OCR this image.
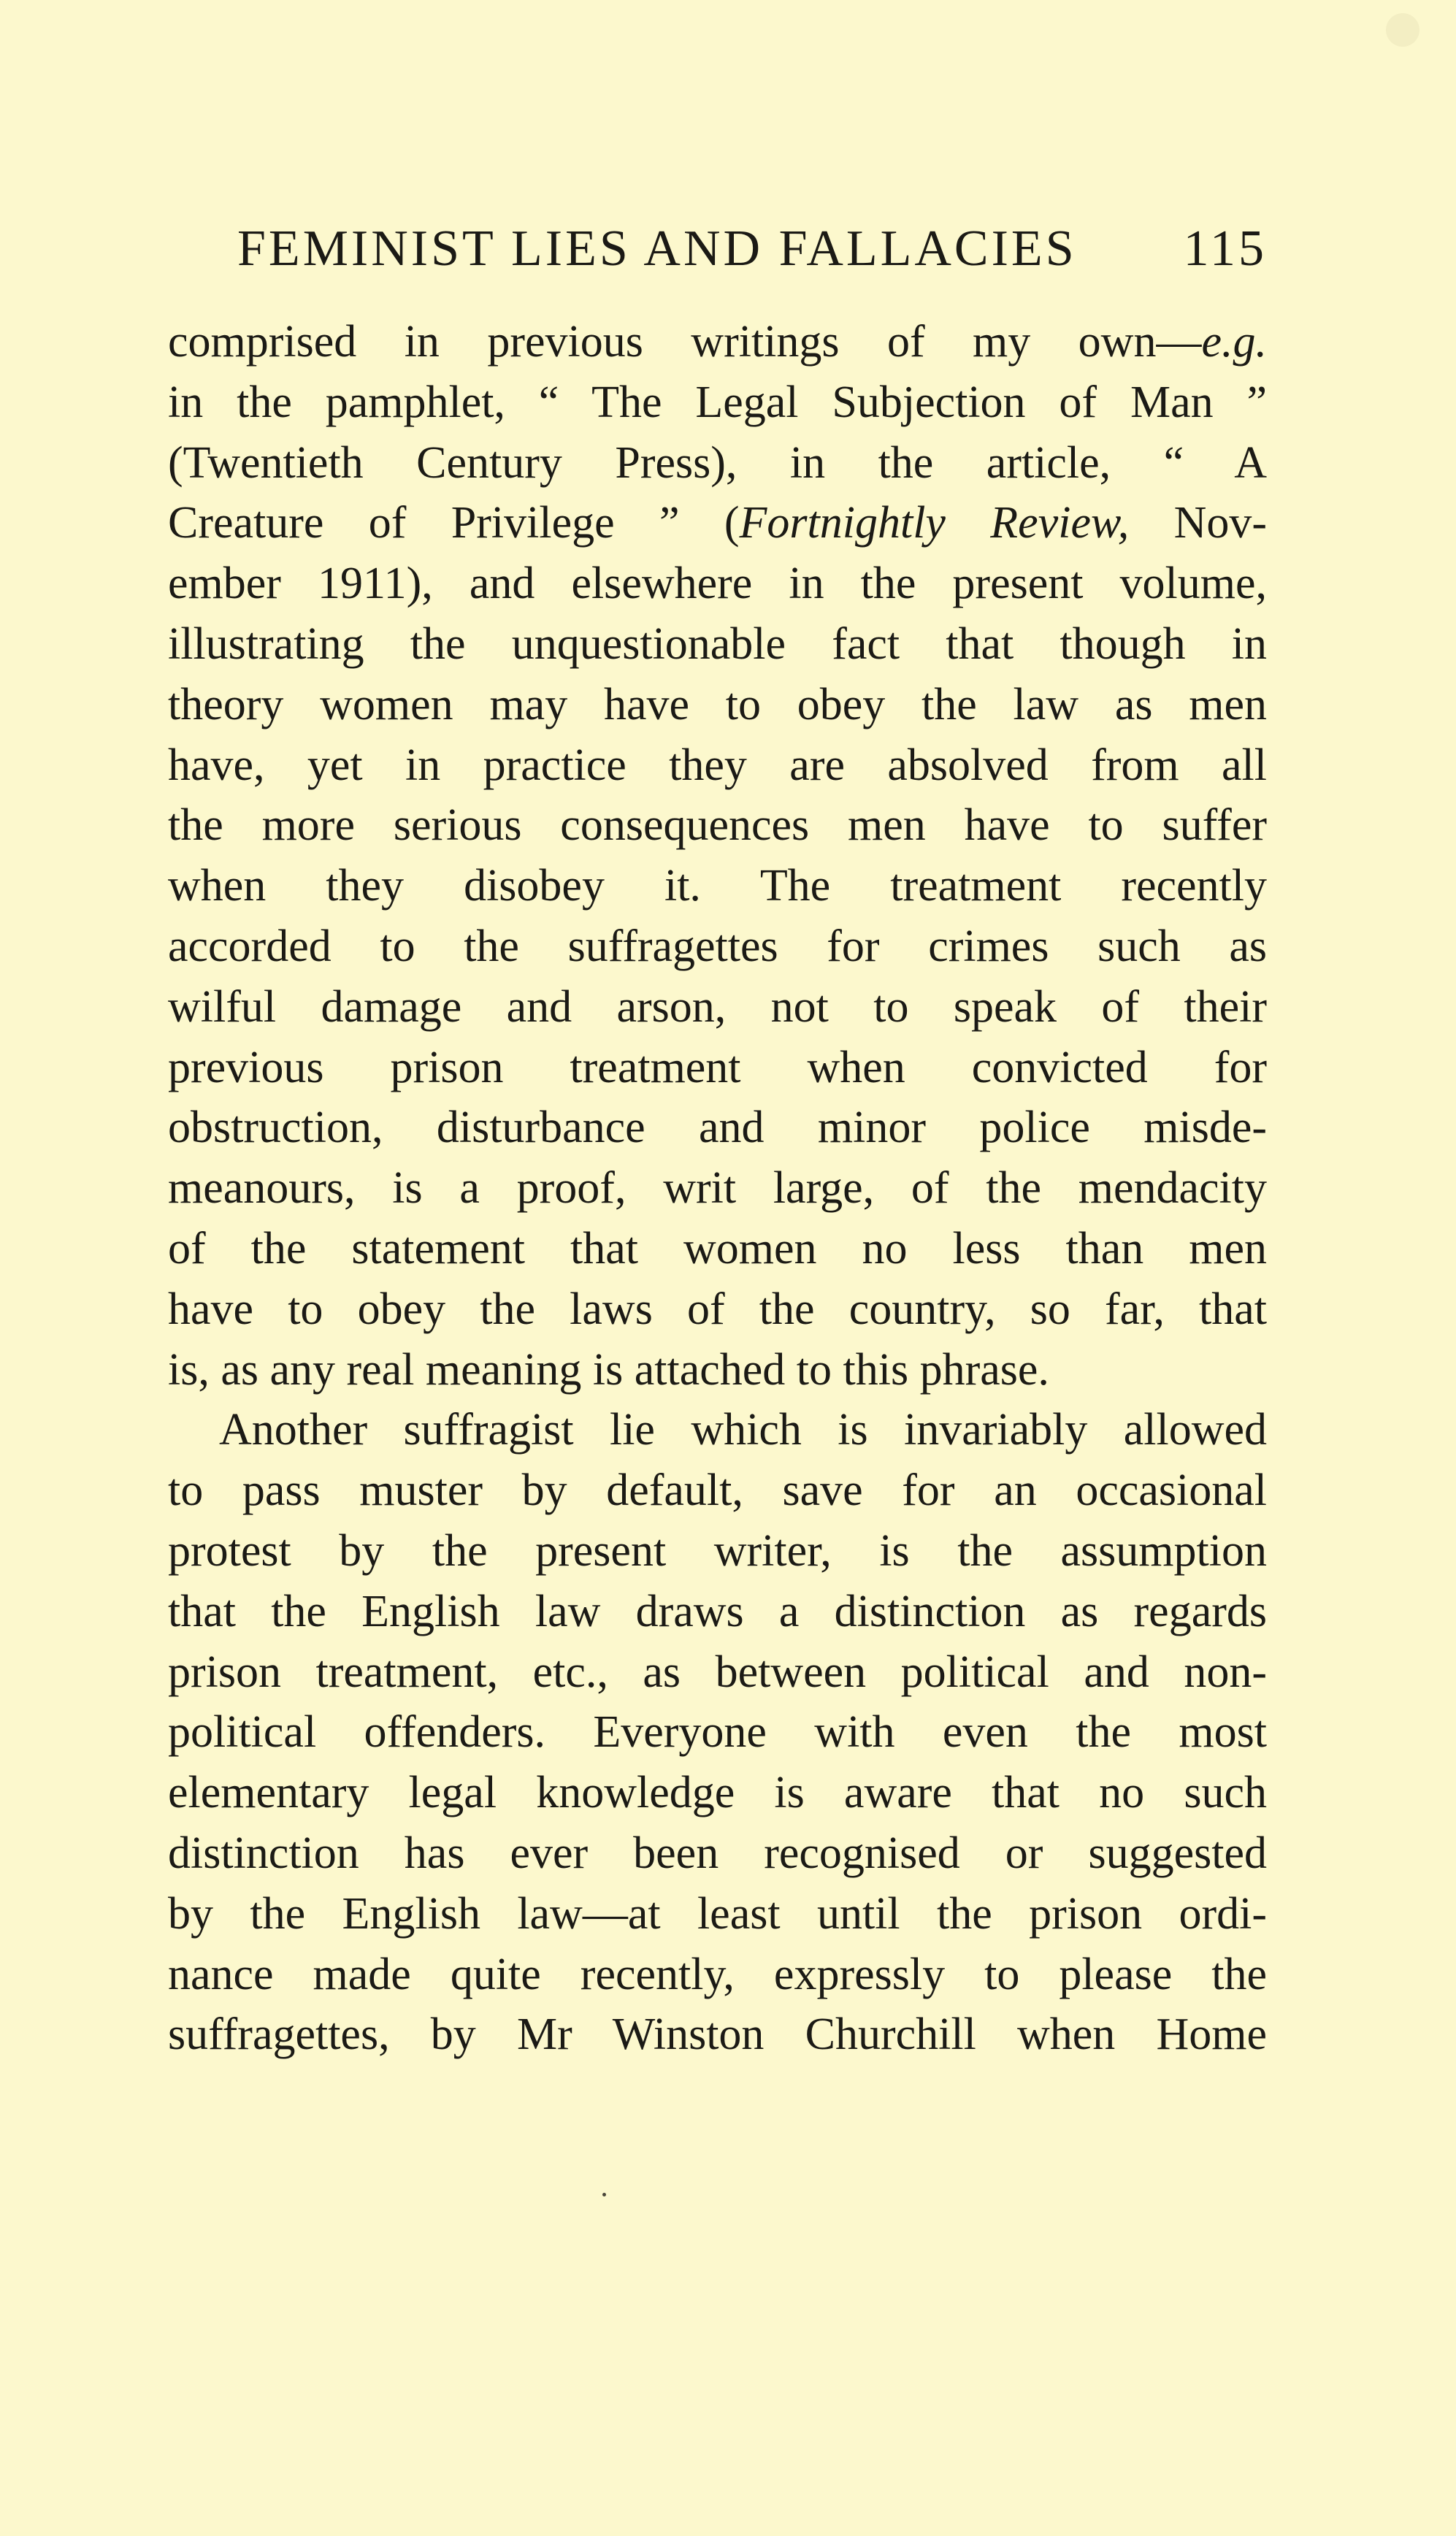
FEMINIST LIES AND FALLACIES 115
comprised in previous writings of my own—e.g.
in the pamphlet, “ The Legal Subjection of Man ”
(Twentieth Century Press), in the article, “ A
Creature of Privilege ” (Fortnightly Review, Nov-
ember 1911), and elsewhere in the present volume,
illustrating the unquestionable fact that though in
theory women may have to obey the law as men
have, yet in practice they are absolved from all
the more serious consequences men have to suffer
when they disobey it. The treatment recently
accorded to the suffragettes for crimes such as
wilful damage and arson, not to speak of their
previous prison treatment when convicted for
obstruction, disturbance and minor police misde-
meanours, is a proof, writ large, of the mendacity
of the statement that women no less than men
have to obey the laws of the country, so far, that
is, as any real meaning is attached to this phrase.
Another suffragist lie which is invariably allowed
to pass muster by default, save for an occasional
protest by the present writer, is the assumption
that the English law draws a distinction as regards
prison treatment, etc., as between political and non-
political offenders. Everyone with even the most
elementary legal knowledge is aware that no such
distinction has ever been recognised or suggested
by the English law—at least until the prison ordi-
nance made quite recently, expressly to please the
suffragettes, by Mr Winston Churchill when Home
